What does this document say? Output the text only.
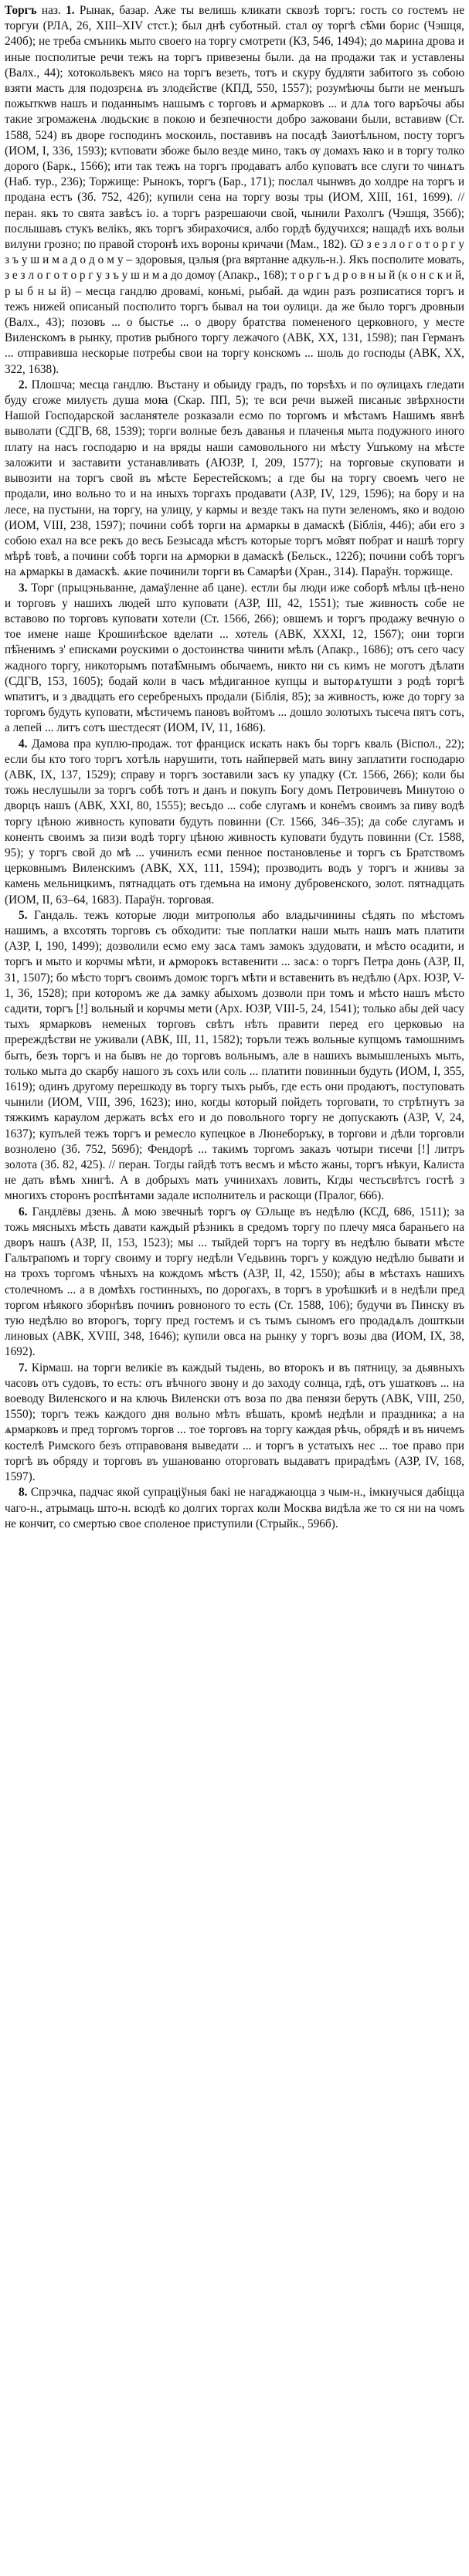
Торгъ наз. 1. Рынак, базар. Аже ты велишь кликати сквозѣ торгъ: гость со гостемъ не торгуи (РЛА, 26, XIII–XIV стст.); был днѣ суботный. стал оу торгѣ сѣ̑ми борис (Чэшця, 240б); не треба смъникь мыто своего на торгу смотрети (КЗ, 546, 1494); до мѧрина дрова и иные посполитые речи тежъ на торгъ привезены были. да на продажи так и уставлены (Валх., 44); хотокольвекъ мясо на торгъ везеть, тотъ и скуру будляти забитого зъ собою взяти масть для подозрєнѧ въ злодєйстве (КПД, 550, 1557); розумѣючы быти не менъшъ пожыткѡв нашъ и поданнымъ нашымъ с торговъ и ѧрмарковъ ... и длѧ того варъ̑очы абы такие згромаженѧ людьскиє в покою и безпечности добро зажовани были, вставивѡ (Ст. 1588, 524) въ дворе господинъ москоиль, поставивъ на посадѣ Заиотѣльном, посту торгъ (ИОМ, I, 336, 1593); кѵповати збоже было везде мино, такъ ѹ домахъ ꙗко и в торгу толко дорого (Барк., 1566); ити так тежъ на торгъ продаватъ албо куповатъ все слуги то чинѧтъ (Наб. тур., 236); Торжище: Рынокъ, торгъ (Бар., 171); послал чынѡвъ до холдре на торгъ и продана естъ (Зб. 752, 42б); купили сена на торгу возы тры (ИОМ, XIII, 161, 1699). // перан. якъ то свята завѣсъ іо. а торгъ разрешаючи свой, чынили Рахолгъ (Чэшця, 356б); послышавъ стукъ велікъ, якъ торгъ збирахочися, албо гордѣ будучихся; нащадѣ ихъ вольи вилуни грозно; по правой сторонѣ ихъ вороны кричачи (Мам., 182). Ѡ з е з л о г о т о р г у з ъ у ш и м а д о д о м у – здоровыя, цэлыя (pra вяртанне адкуль-н.). Якъ посполите мовать, з е з л о г о т о р г у з ъ у ш и м а до домѹ (Апакр., 168); т о р г ъ д р о в н ы й (к о н с к и й, р ы б н ы й) – месца гандлю дровамі, коньмі, рыбай. да ѡдин разъ розписатися торгъ и тежъ нижей описаный посполито торгъ бывал на тои оулици. да же было торгъ дровныи (Валх., 43); позовъ ... о быстье ... о двору братства помененого церковного, у месте Виленскомъ в рынку, против рыбного торгу лежачого (АВК, XX, 131, 1598); пан Германъ ... отправивша нескорые потребы свои на торгу конскомъ ... шоль до господы (АВК, XX, 322, 1638).

2. Плошча; месца гандлю. Въстану и обыиду градъ, по торѕѣхъ и по ѹлицахъ гледати буду єгоже милуєть душа моꙗ (Скар. ПП, 5); те вси речи выжей писаныє звѣрхности Нашой Господарской засланятеле розказали есмо по торгомъ и мѣстамъ Нашимъ явнѣ выволати (СДГВ, 68, 1539); торги волные безъ даванья и плаченья мыта подужного иного плату на насъ господарю и на вряды наши самовольного ни мѣсту Ушъкому на мѣсте заложити и заставити устанавливать (АЮЗР, I, 209, 1577); на торговые скуповати и вывозити на торгъ свой въ мѣсте Берестейскомъ; а где бы на торгу своемъ чего не продали, ино вольно то и на иныхъ торгахъ продавати (АЗР, IV, 129, 1596); на бору и на лесе, на пустыни, на торгу, на улицу, у кармы и везде такъ на пути зеленомъ, яко и водою (ИОМ, VIII, 238, 1597); почини собѣ торги на ѧрмаркы в дамаскѣ (Біблія, 446); аби его з собою ехал на все рекъ до весь Безысада мѣстъ которые торгъ мо̑вят побрат и нашѣ торгу мѣрѣ товѣ, а почини собѣ торги на ѧрморки в дамаскѣ (Бельск., 122б); почини собѣ торгъ на ѧрмаркы в дамаскѣ. ѧкие починили торги въ Самарѣи (Хран., 314). Параўн. торжище.

3. Торг (прыцэньванне, дамаўленне аб цане). естли бы люди иже соборѣ мѣлы цѣ-нено и торговъ у нашихъ людей што куповати (АЗР, III, 42, 1551); тые живность собе не вставово по торговъ куповати хотели (Ст. 1566, 266); овшемъ и торгъ продажу вечную о тое имене наше Крошинѣское вделати ... хотель (АВК, XXXI, 12, 1567); они торги пѣ̑ненимъ з' еписками роускими о достоинства чинити мѣлъ (Апакр., 1686); отъ сего часу жадного торгу, никоторымъ потаѣ̑мнымъ обычаемъ, никто ни съ кимъ не моготъ дѣлати (СДГВ, 153, 1605); бодай коли в часъ мѣдиганное купцы и выторѧтушти з родѣ торгѣ ѡпатитъ, и з двадцать его серебреныхъ продали (Біблія, 85); за живность, юже до торгу за торгомъ будуть куповати, мѣстичемъ пановъ войтомъ ... дошло золотыхъ тысеча пятъ сотъ, а лепей ... литъ сотъ шестдесят (ИОМ, IV, 11, 1686).

4. Дамова пра куплю-продаж. тот франциск искать накъ бы торгъ кваль (Віспол., 22); если бы кто того торгъ хотѣль нарушити, тоть найпервей мать вину заплатити господарю (АВК, IX, 137, 1529); справу и торгъ зоставили засъ ку упадку (Ст. 1566, 266); коли бы тожь неслушыли за торгъ собѣ тотъ и данъ и покупъ Богу домъ Петровичевъ Минутою о дворцъ нашъ (АВК, XXI, 80, 1555); весьдо ... собе слугамъ и коне̑мъ своимъ за пиву водѣ торгу цѣною живность куповати будуть повинни (Ст. 1566, 346–35); да собе слугамъ и коненть своимъ за пизи водѣ торгу цѣною живность куповати будуть повинни (Ст. 1588, 95); у торгъ свой до мѣ ... учинилъ есми пенное постановленье и торгъ съ Братствомъ церковнымъ Виленскимъ (АВК, XX, 111, 1594); прозводить водъ у торгъ и жнивы за камень мельницкимъ, пятнадцать отъ гдемьна на имону дубровенского, золот. пятнадцать (ИОМ, II, 63–64, 1683). Параўн. торговая.

5. Гандаль. тежъ которые люди митрополья або владычинины сѣдять по мѣстомъ нашимъ, а вхсотять торговъ съ обходити: тые поплатки наши мыть нашъ мать платити (АЗР, I, 190, 1499); дозволили есмо ему засѧ тамъ замокъ здудовати, и мѣсто осадити, и торгъ и мыто и корчмы мѣти, и ѧрморокъ вставенити ... засѧ: о торгъ Петра донь (АЗР, II, 31, 1507); бо мѣсто торгъ своимъ домоѥ торгъ мѣти и вставенить въ недѣлю (Арх. ЮЗР, V-1, 36, 1528); при которомъ же дѧ замку абыхомъ дозволи при томъ и мѣсто нашъ мѣсто садити, торгъ [!] вольный и корчмы мети (Арх. ЮЗР, VIII-5, 24, 1541); только абы дей часу тыхъ ярмарковъ неменых торговъ свѣтъ нѣть правити перед его церковью на пререждѣстви не уживали (АВК, III, 11, 1582); торъли тежъ вольные купцомъ тамошнимъ быть, безъ торгъ и на бывъ не до торговъ вольнымъ, але в нашихъ вымышленыхъ мыть, только мыта до скарбу нашого зъ сохъ или соль ... платити повинныи будуть (ИОМ, I, 355, 1619); одинъ другому перешкоду въ торгу тыхъ рыбъ, где есть они продаютъ, поступовать чынили (ИОМ, VIII, 396, 1623); ино, когды который пойдеть торговати, то стрѣтнутъ за тяжкимъ караулом держать всѣх его и до повольного торгу не допускають (АЗР, V, 24, 1637); купълей тежъ торгъ и ремесло купецкое в Люнеборъку, в торгови и дѣли торговли вознолено (Зб. 752, 569б); Фендорѣ ... такимъ торгомъ заказъ чотыри тисечи [!] литръ золота (Зб. 82, 425). // перан. Тогды гайдѣ тотъ весмъ и мѣсто жаны, торгъ нѣкуи, Калиста не дать вѣмъ хнигѣ. А в добрыхъ мать учинихахъ ловить, Кгды честьсвѣтсъ гостѣ з многихъ сторонъ роспѣнтами задале исполнитель и раскощи (Пралог, 666).

6. Гандлёвы дзень. Ѧ мою звечныѣ торгъ ѹ Ѡльще въ недѣлю (КСД, 686, 1511); за тожь мясныхъ мѣсть давати каждый рѣзникъ в средомъ торгу по плечу мяса бараньего на дворъ нашъ (АЗР, II, 153, 1523); мы ... тыйдей торгъ на торгу въ недѣлю бывати мѣсте Гальтрапомъ и торгу своиму и торгу недѣли Ѵедьвинь торгъ у кождую недѣлю бывати и на трохъ торгомъ чѣныхъ на кождомъ мѣстъ (АЗР, II, 42, 1550); абы в мѣстахъ нашихъ столечномъ ... а в домѣхъ гостинныхъ, по дорогахъ, в торгъ в уроѣшкиѣ и в недѣли пред торгом нѣякого зборнѣвъ починъ ровноного то есть (Ст. 1588, 106); будучи въ Пинску въ тую недѣлю во второгъ, торгу пред гостемъ и съ тымъ сыномъ его продадѧлъ дошткыи линовых (АВК, XVIII, 348, 1646); купили овса на рынку у торгъ возы два (ИОМ, IX, 38, 1692).

7. Кірмаш. на торги великіе въ каждый тыдень, во второкъ и въ пятницу, за дьявныхъ часовъ отъ судовъ, то есть: отъ вѣчного звону и до заходу солнца, гдѣ, отъ ушатковъ ... на воеводу Виленского и на ключь Виленски отъ воза по два пенязи беруть (АВК, VIII, 250, 1550); торгъ тежъ каждого дня вольно мѣть вѣшать, кромѣ недѣли и праздника; а на ѧрмарковъ и пред торгомъ торгов ... тое торговъ на торгу каждая рѣчь, обрядѣ и въ ничемъ костелѣ Римского безъ отправованя выведати ... и торгъ в устатыхъ нес ... тое право при торгѣ въ обряду и торговъ въ ушанованю оторговать выдаватъ прирадѣмъ (АЗР, IV, 168, 1597).

8. Спрэчка, падчас якой супраціўныя бакі не нагаджаюцца з чым-н., імкнучыся дабіцца чаго-н., атрымаць што-н. всюдѣ ко долгих торгах коли Москва видѣла же то ся ни на чомъ не кончит, со смертью свое споленое приступили (Стрыйк., 596б).
